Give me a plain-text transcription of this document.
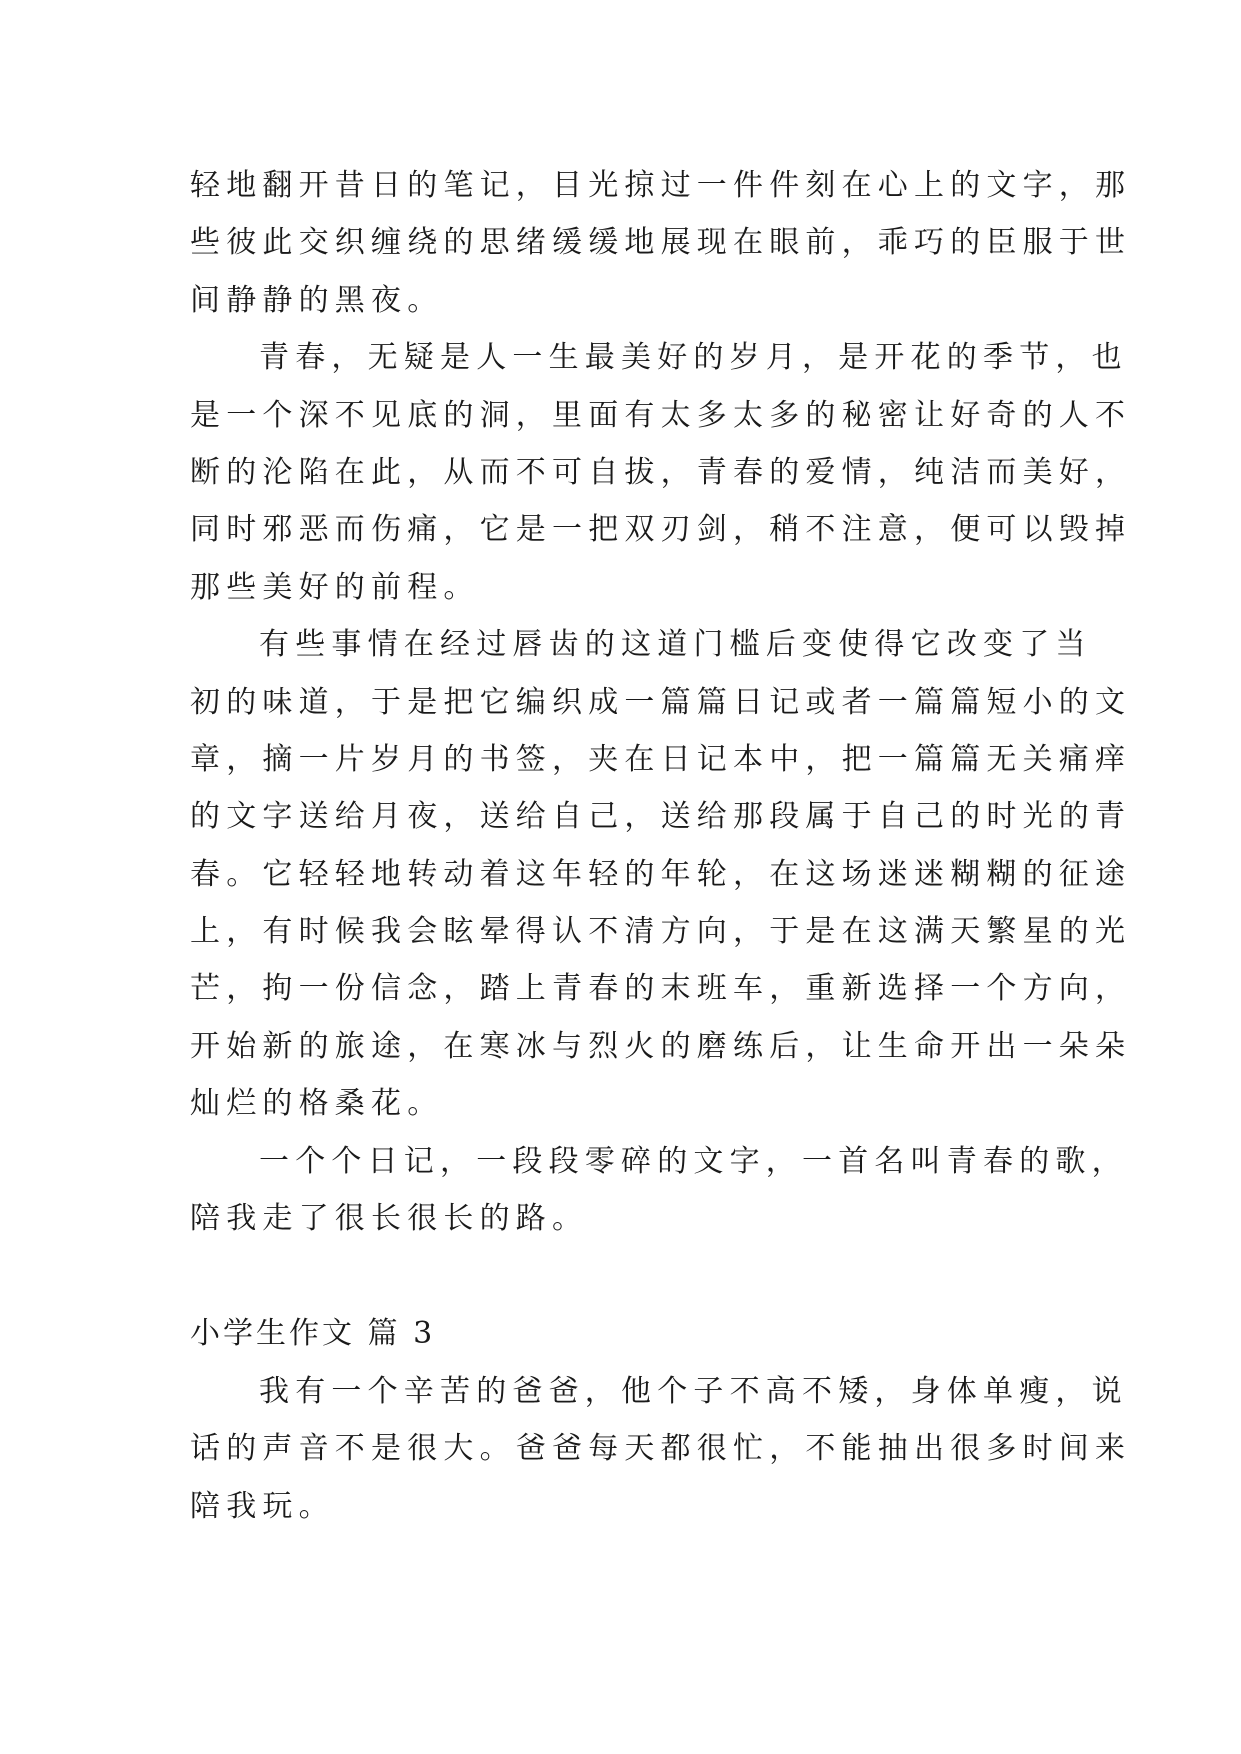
轻地翻开昔日的笔记，目光掠过一件件刻在心上的文字，那
些彼此交织缠绕的思绪缓缓地展现在眼前，乖巧的臣服于世
间静静的黑夜。
青春，无疑是人一生最美好的岁月，是开花的季节，也
是一个深不见底的洞，里面有太多太多的秘密让好奇的人不
断的沦陷在此，从而不可自拔，青春的爱情，纯洁而美好，
同时邪恶而伤痛，它是一把双刃剑，稍不注意，便可以毁掉
那些美好的前程。
有些事情在经过唇齿的这道门槛后变使得它改变了当
初的味道，于是把它编织成一篇篇日记或者一篇篇短小的文
章，摘一片岁月的书签，夹在日记本中，把一篇篇无关痛痒
的文字送给月夜，送给自己，送给那段属于自己的时光的青
春。它轻轻地转动着这年轻的年轮，在这场迷迷糊糊的征途
上，有时候我会眩晕得认不清方向，于是在这满天繁星的光
芒，拘一份信念，踏上青春的末班车，重新选择一个方向，
开始新的旅途，在寒冰与烈火的磨练后，让生命开出一朵朵
灿烂的格桑花。
一个个日记，一段段零碎的文字，一首名叫青春的歌，
陪我走了很长很长的路。
小学生作文 篇 3
我有一个辛苦的爸爸，他个子不高不矮，身体单瘦，说
话的声音不是很大。爸爸每天都很忙，不能抽出很多时间来
陪我玩。
